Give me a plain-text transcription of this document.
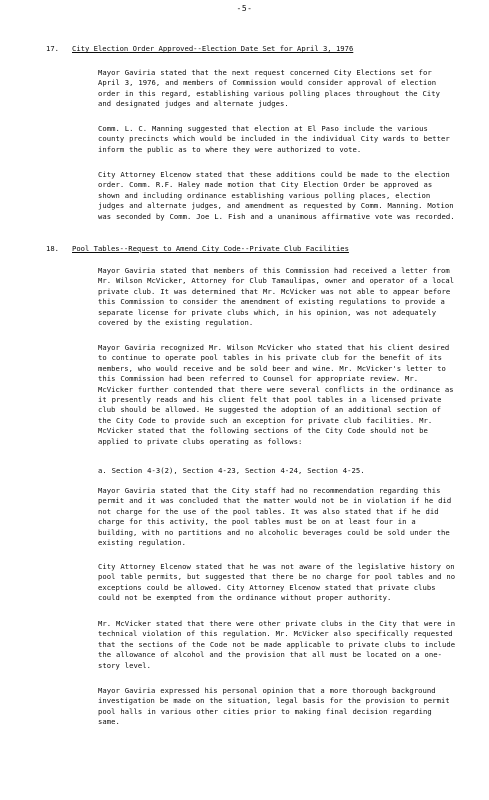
-5-
17. City Election Order Approved--Election Date Set for April 3, 1976

Mayor Gaviria stated that the next request concerned City Elections set for April 3, 1976, and members of Commission would consider approval of election order in this regard, establishing various polling places throughout the City and designated judges and alternate judges.

Comm. L. C. Manning suggested that election at El Paso include the various county precincts which would be included in the individual City wards to better inform the public as to where they were authorized to vote.

City Attorney Elcenow stated that these additions could be made to the election order. Comm. R.F. Haley made motion that City Election Order be approved as shown and including ordinance establishing various polling places, election judges and alternate judges, and amendment as requested by Comm. Manning. Motion was seconded by Comm. Joe L. Fish and a unanimous affirmative vote was recorded.

18. Pool Tables--Request to Amend City Code--Private Club Facilities

Mayor Gaviria stated that members of this Commission had received a letter from Mr. Wilson McVicker, Attorney for Club Tamaulipas, owner and operator of a local private club. It was determined that Mr. McVicker was not able to appear before this Commission to consider the amendment of existing regulations to provide a separate license for private clubs which, in his opinion, was not adequately covered by the existing regulation.

Mayor Gaviria recognized Mr. Wilson McVicker who stated that his client desired to continue to operate pool tables in his private club for the benefit of its members, who would receive and be sold beer and wine. Mr. McVicker's letter to this Commission had been referred to Counsel for appropriate review. Mr. McVicker further contended that there were several conflicts in the ordinance as it presently reads and his client felt that pool tables in a licensed private club should be allowed. He suggested the adoption of an additional section of the City Code to provide such an exception for private club facilities. Mr. McVicker stated that the following sections of the City Code should not be applied to private clubs operating as follows:

a. Section 4-3(2), Section 4-23, Section 4-24, Section 4-25.

Mayor Gaviria stated that the City staff had no recommendation regarding this permit and it was concluded that the matter would not be in violation if he did not charge for the use of the pool tables. It was also stated that if he did charge for this activity, the pool tables must be on at least four in a building, with no partitions and no alcoholic beverages could be sold under the existing regulation.

City Attorney Elcenow stated that he was not aware of the legislative history on pool table permits, but suggested that there be no charge for pool tables and no exceptions could be allowed. City Attorney Elcenow stated that private clubs could not be exempted from the ordinance without proper authority.

Mr. McVicker stated that there were other private clubs in the City that were in technical violation of this regulation. Mr. McVicker also specifically requested that the sections of the Code not be made applicable to private clubs to include the allowance of alcohol and the provision that all must be located on a one-story level.

Mayor Gaviria expressed his personal opinion that a more thorough background investigation be made on the situation, legal basis for the provision to permit pool halls in various other cities prior to making final decision regarding same.
